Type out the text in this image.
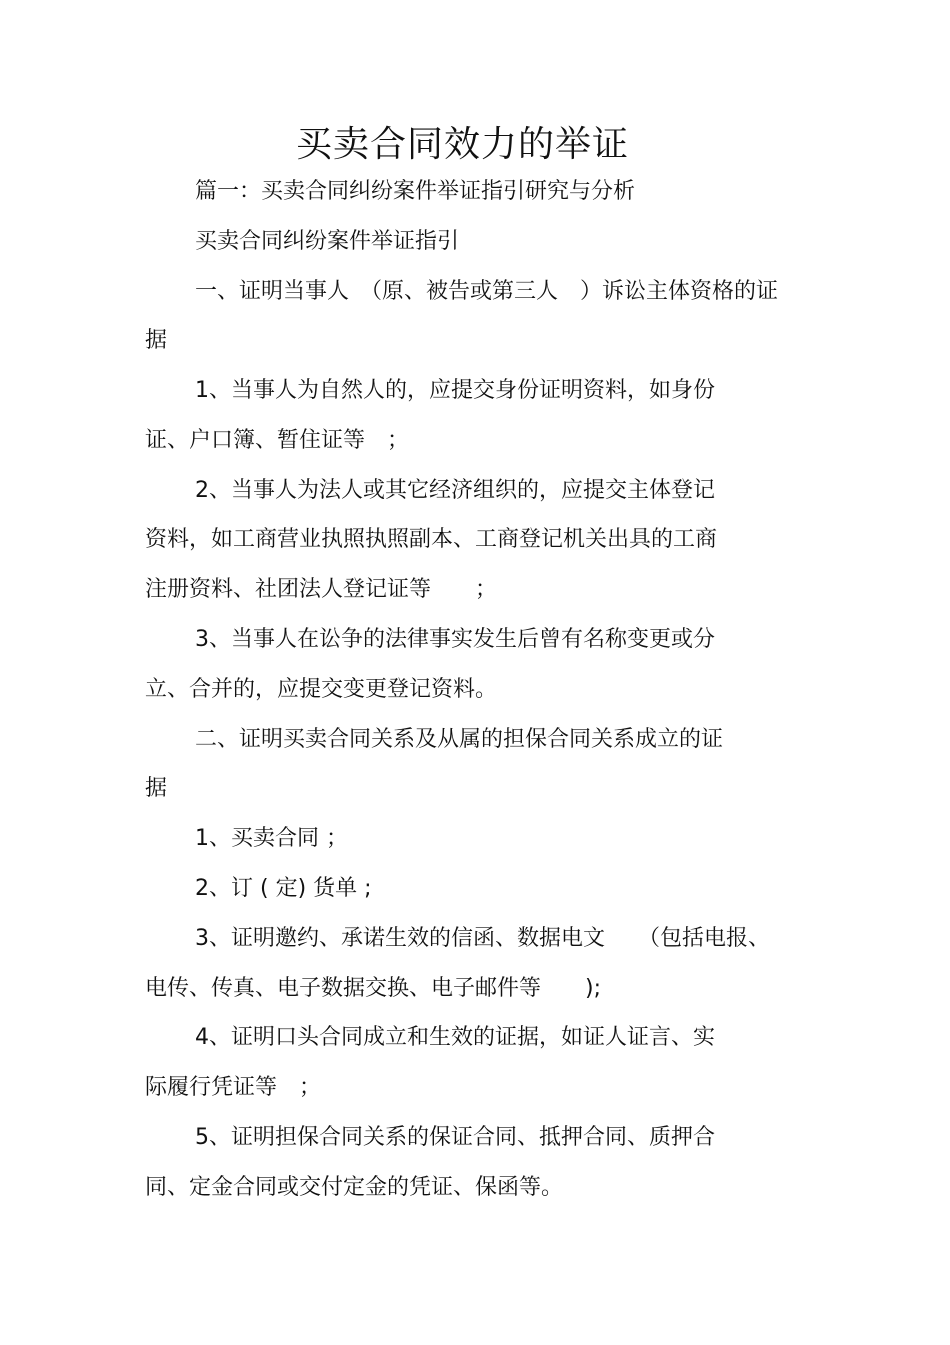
买卖合同效力的举证
篇一：买卖合同纠纷案件举证指引研究与分析
买卖合同纠纷案件举证指引
一、证明当事人　（原、被告或第三人　）诉讼主体资格的证
据
1、当事人为自然人的，应提交身份证明资料，如身份
证、户口簿、暂住证等　；
2、当事人为法人或其它经济组织的，应提交主体登记
资料，如工商营业执照执照副本、工商登记机关出具的工商
注册资料、社团法人登记证等　　；
3、当事人在讼争的法律事实发生后曾有名称变更或分
立、合并的，应提交变更登记资料。
二、证明买卖合同关系及从属的担保合同关系成立的证
据
1、买卖合同 ；
2、订 ( 定) 货单 ;
3、证明邀约、承诺生效的信函、数据电文　　（包括电报、
电传、传真、电子数据交换、电子邮件等　　);
4、证明口头合同成立和生效的证据，如证人证言、实
际履行凭证等　；
5、证明担保合同关系的保证合同、抵押合同、质押合
同、定金合同或交付定金的凭证、保函等。
